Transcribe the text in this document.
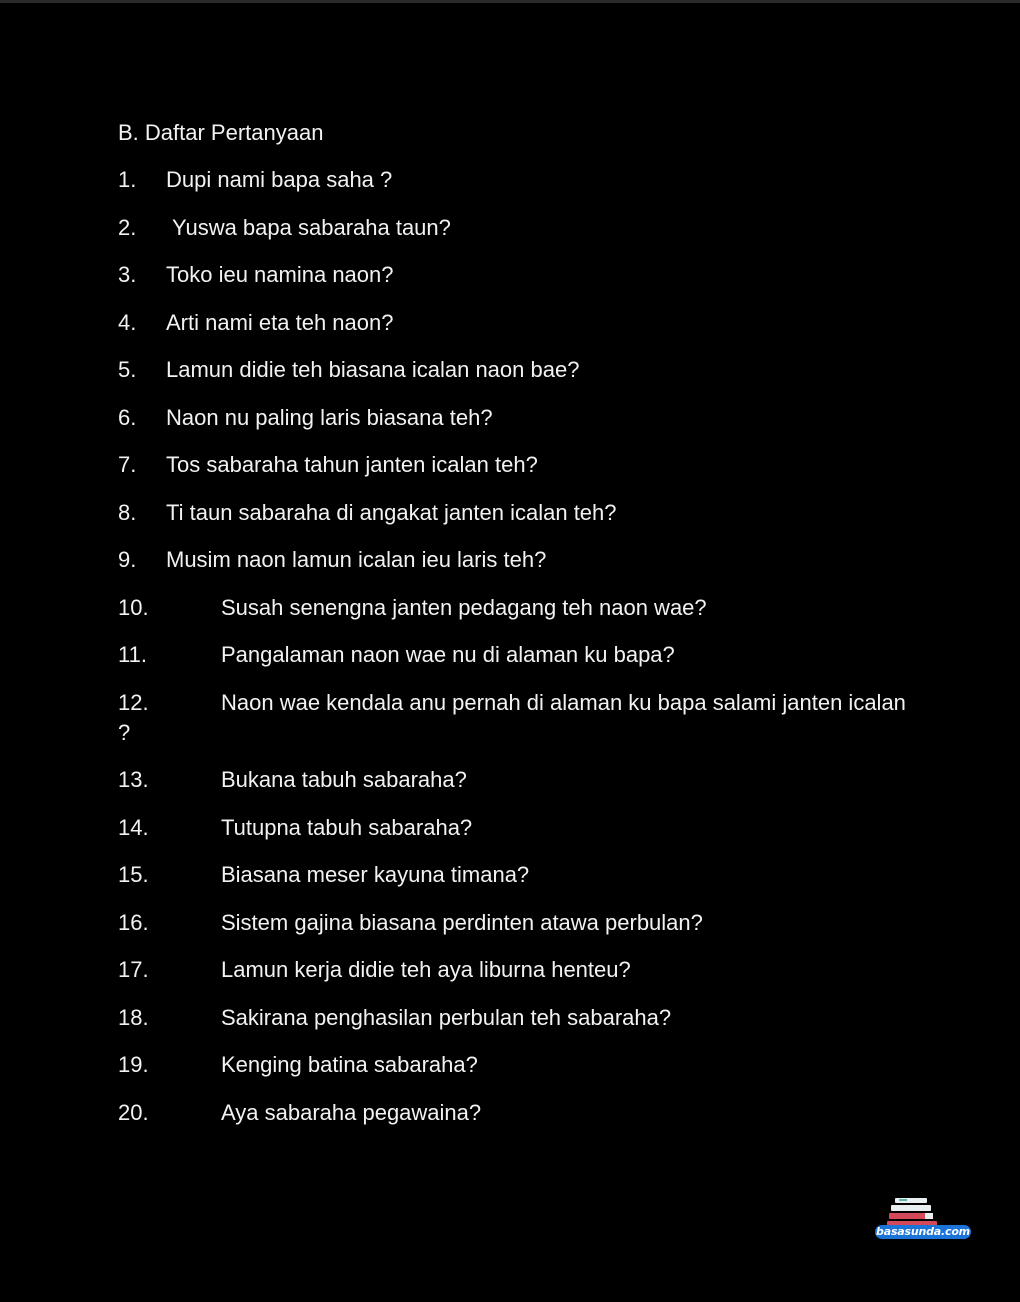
B. Daftar Pertanyaan
1.	Dupi nami bapa saha ?
2.	Yuswa bapa sabaraha taun?
3.	Toko ieu namina naon?
4.	Arti nami eta teh naon?
5.	Lamun didie teh biasana icalan naon bae?
6.	Naon nu paling laris biasana teh?
7.	Tos sabaraha tahun janten icalan teh?
8.	Ti taun sabaraha di angakat janten icalan teh?
9.	Musim naon lamun icalan ieu laris teh?
10.	Susah senengna janten pedagang teh naon wae?
11.	Pangalaman naon wae nu di alaman ku bapa?
12.	Naon wae kendala anu pernah di alaman ku bapa salami janten icalan ?
13.	Bukana tabuh sabaraha?
14.	Tutupna tabuh sabaraha?
15.	Biasana meser kayuna timana?
16.	Sistem gajina biasana perdinten atawa perbulan?
17.	Lamun kerja didie teh aya liburna henteu?
18.	Sakirana penghasilan perbulan teh sabaraha?
19.	Kenging batina sabaraha?
20.	Aya sabaraha pegawaina?
basasunda.com
